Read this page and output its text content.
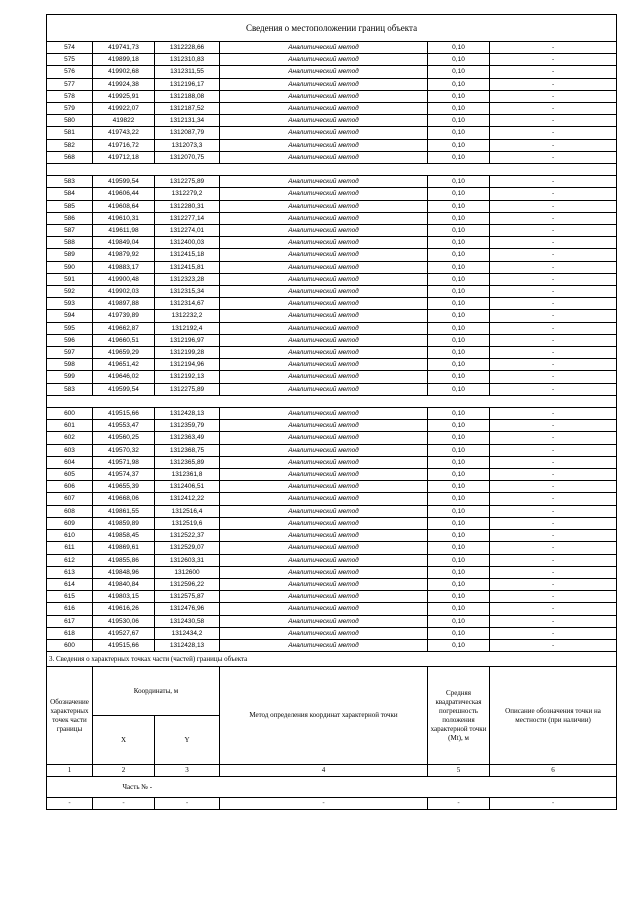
Сведения о местоположении границ объекта					
574	419741,73	1312228,66	Аналитический метод	0,10	-
575	419899,18	1312310,83	Аналитический метод	0,10	-
576	419902,68	1312311,55	Аналитический метод	0,10	-
577	419924,38	1312196,17	Аналитический метод	0,10	-
578	419925,91	1312188,08	Аналитический метод	0,10	-
579	419922,07	1312187,52	Аналитический метод	0,10	-
580	419822	1312131,34	Аналитический метод	0,10	-
581	419743,22	1312087,79	Аналитический метод	0,10	-
582	419716,72	1312073,3	Аналитический метод	0,10	-
568	419712,18	1312070,75	Аналитический метод	0,10	-

583	419599,54	1312275,89	Аналитический метод	0,10	-
584	419606,44	1312279,2	Аналитический метод	0,10	-
585	419608,64	1312280,31	Аналитический метод	0,10	-
586	419610,31	1312277,14	Аналитический метод	0,10	-
587	419611,98	1312274,01	Аналитический метод	0,10	-
588	419849,04	1312400,03	Аналитический метод	0,10	-
589	419879,92	1312415,18	Аналитический метод	0,10	-
590	419883,17	1312415,81	Аналитический метод	0,10	-
591	419900,48	1312323,28	Аналитический метод	0,10	-
592	419902,03	1312315,34	Аналитический метод	0,10	-
593	419897,88	1312314,67	Аналитический метод	0,10	-
594	419739,89	1312232,2	Аналитический метод	0,10	-
595	419662,87	1312192,4	Аналитический метод	0,10	-
596	419660,51	1312196,97	Аналитический метод	0,10	-
597	419659,29	1312199,28	Аналитический метод	0,10	-
598	419651,42	1312194,96	Аналитический метод	0,10	-
599	419646,02	1312192,13	Аналитический метод	0,10	-
583	419599,54	1312275,89	Аналитический метод	0,10	-

600	419515,66	1312428,13	Аналитический метод	0,10	-
601	419553,47	1312359,79	Аналитический метод	0,10	-
602	419560,25	1312363,49	Аналитический метод	0,10	-
603	419570,32	1312368,75	Аналитический метод	0,10	-
604	419571,98	1312365,89	Аналитический метод	0,10	-
605	419574,37	1312361,8	Аналитический метод	0,10	-
606	419655,39	1312406,51	Аналитический метод	0,10	-
607	419668,06	1312412,22	Аналитический метод	0,10	-
608	419861,55	1312516,4	Аналитический метод	0,10	-
609	419859,89	1312519,6	Аналитический метод	0,10	-
610	419858,45	1312522,37	Аналитический метод	0,10	-
611	419869,61	1312529,07	Аналитический метод	0,10	-
612	419855,86	1312603,31	Аналитический метод	0,10	-
613	419848,96	1312600	Аналитический метод	0,10	-
614	419840,84	1312596,22	Аналитический метод	0,10	-
615	419803,15	1312575,87	Аналитический метод	0,10	-
616	419616,26	1312476,96	Аналитический метод	0,10	-
617	419530,06	1312430,58	Аналитический метод	0,10	-
618	419527,67	1312434,2	Аналитический метод	0,10	-
600	419515,66	1312428,13	Аналитический метод	0,10	-
3. Сведения о характерных точках части (частей) границы объекта					
Обозначение характерных точек части границы	Координаты, м		Метод определения координат характерной точки	Средняя квадратическая погрешность положения характерной точки (Mt), м	Описание обозначения точки на местности (при наличии)
	X	Y			
1	2	3	4	5	6
	Часть № -				
-	-	-	-	-	-
